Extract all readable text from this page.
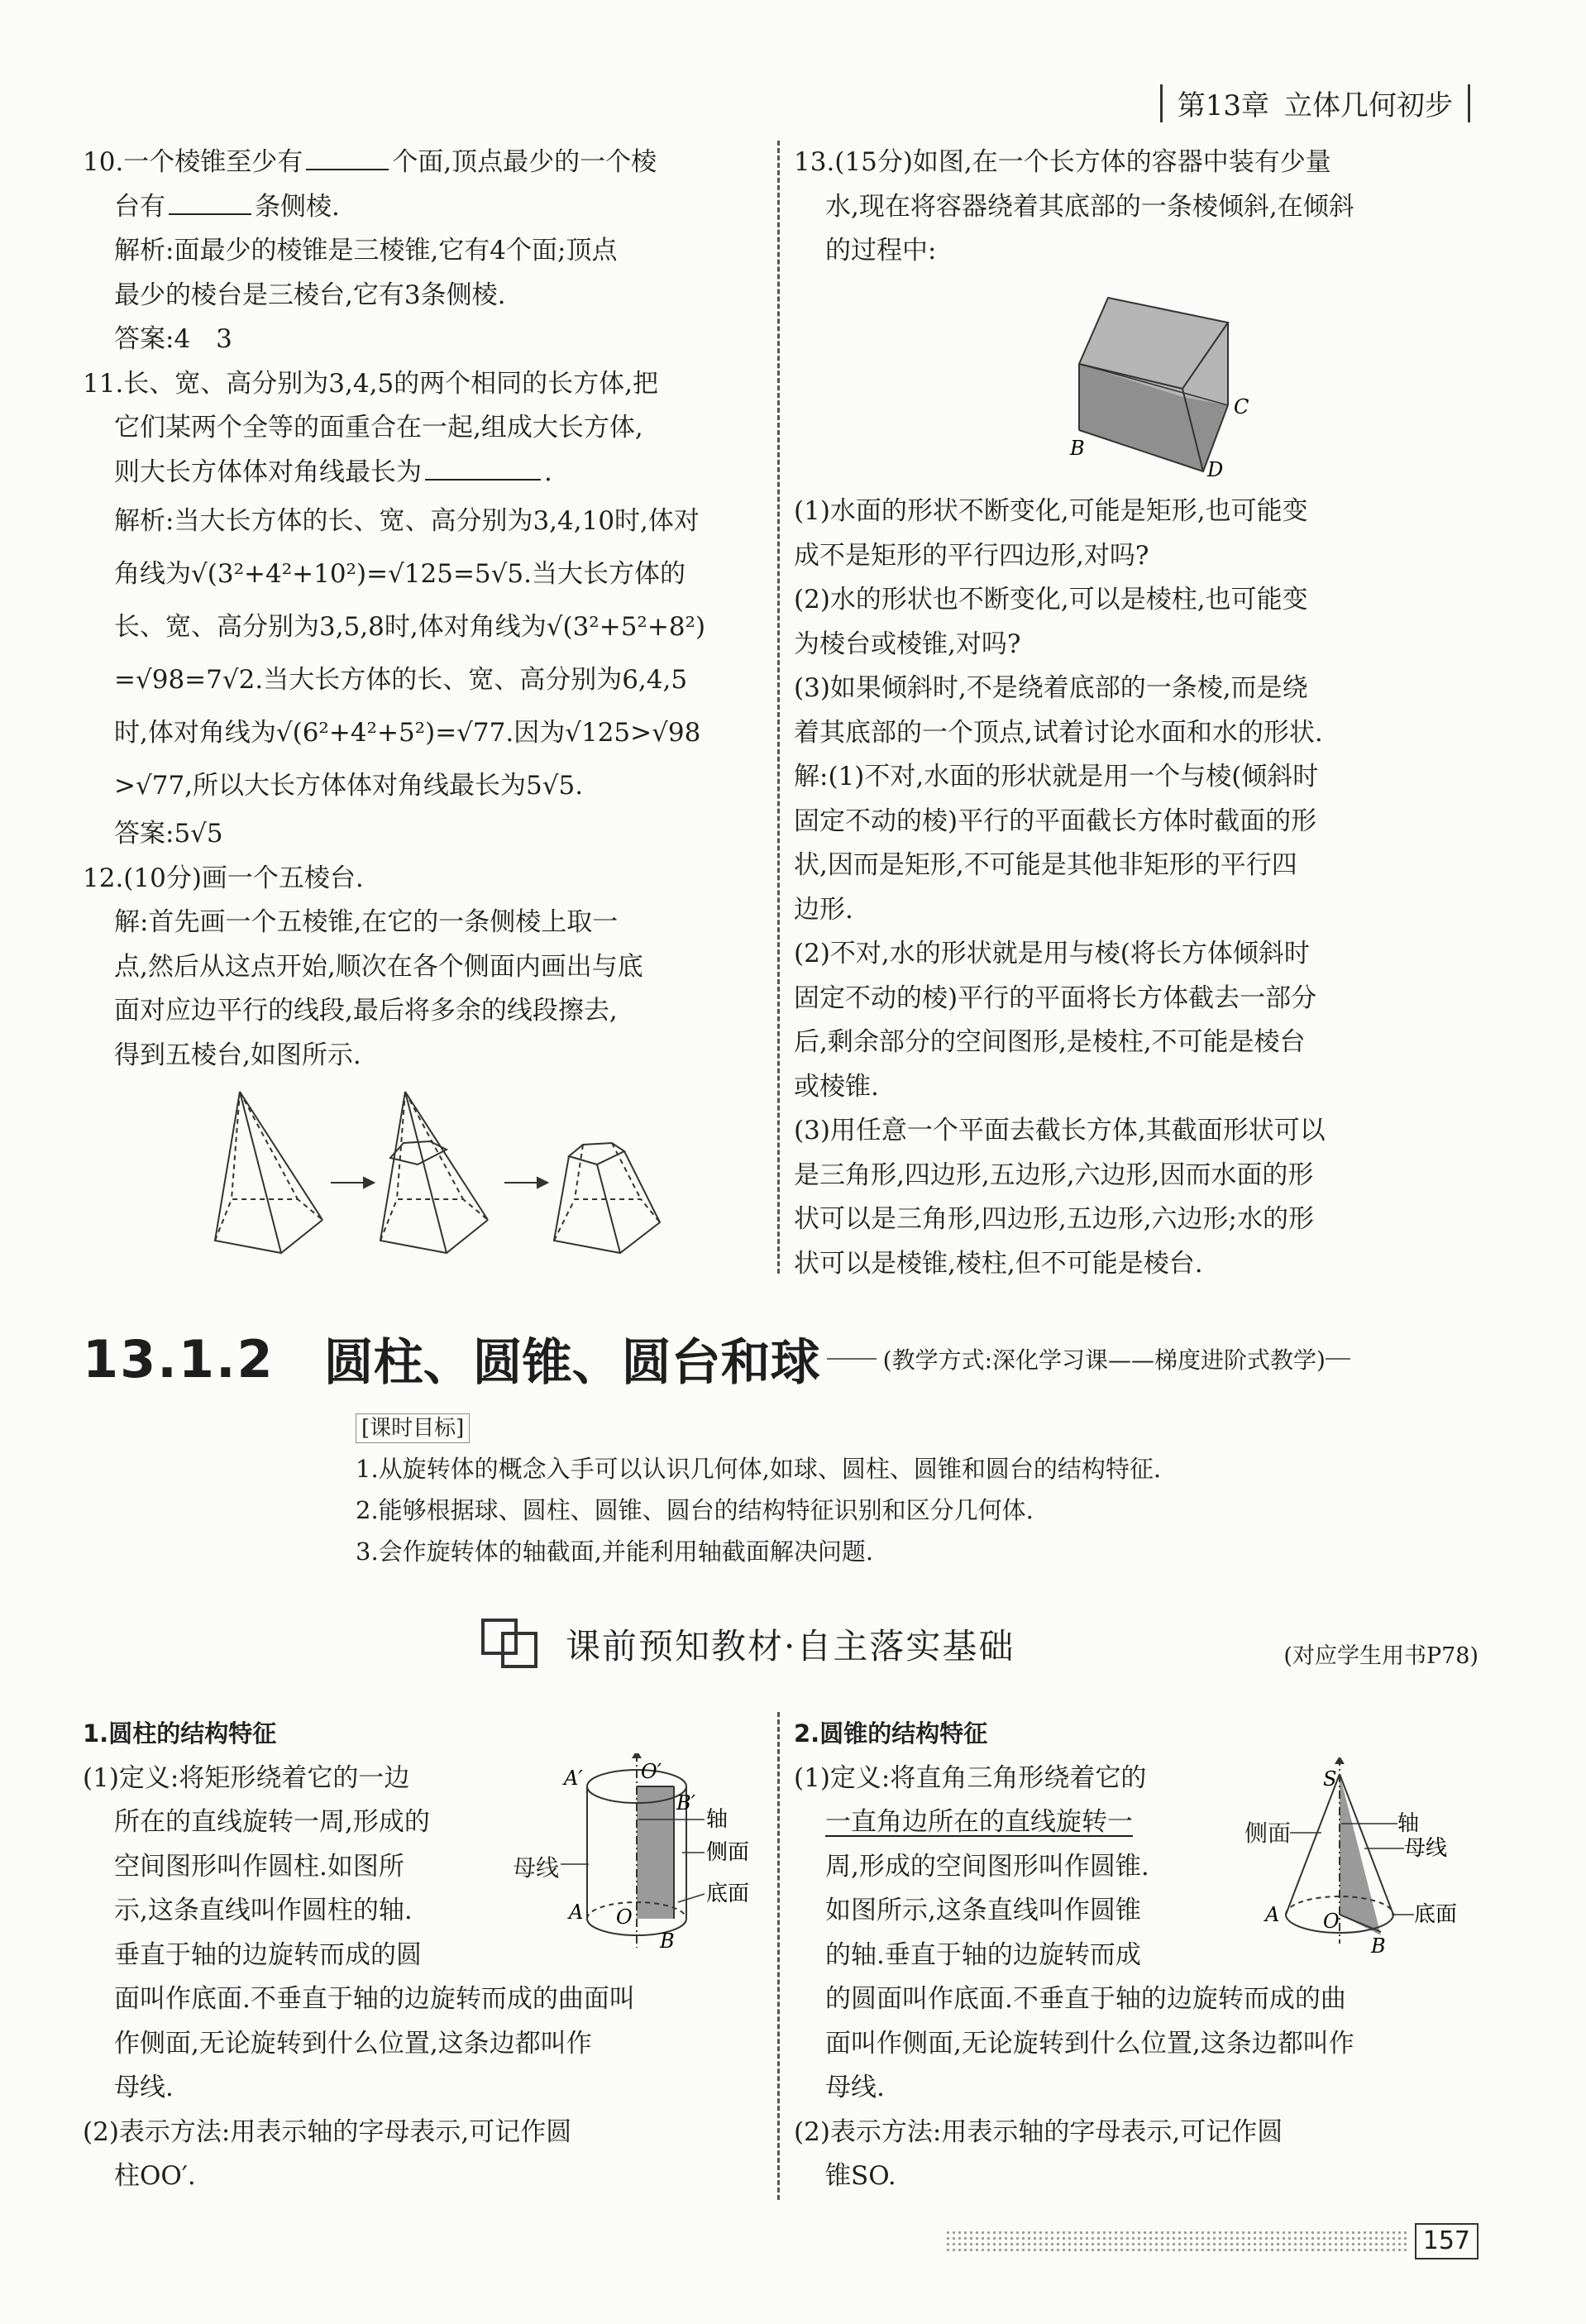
第13章 立体几何初步

10.一个棱锥至少有	个面,顶点最少的一个棱

台有	条侧棱.

解析:面最少的棱锥是三棱锥,它有4个面;顶点

最少的棱台是三棱台,它有3条侧棱.

答案:4　3

11.长、宽、高分别为3,4,5的两个相同的长方体,把

它们某两个全等的面重合在一起,组成大长方体,

则大长方体体对角线最长为	.

解析:当大长方体的长、宽、高分别为3,4,10时,体对

角线为√(3²+4²+10²)=√125=5√5.当大长方体的

长、宽、高分别为3,5,8时,体对角线为√(3²+5²+8²)

=√98=7√2.当大长方体的长、宽、高分别为6,4,5

时,体对角线为√(6²+4²+5²)=√77.因为√125>√98

>√77,所以大长方体体对角线最长为5√5.

答案:5√5

12.(10分)画一个五棱台.

解:首先画一个五棱锥,在它的一条侧棱上取一

点,然后从这点开始,顺次在各个侧面内画出与底

面对应边平行的线段,最后将多余的线段擦去,

得到五棱台,如图所示.

13.(15分)如图,在一个长方体的容器中装有少量

水,现在将容器绕着其底部的一条棱倾斜,在倾斜

的过程中:

B
C
D

(1)水面的形状不断变化,可能是矩形,也可能变

成不是矩形的平行四边形,对吗?

(2)水的形状也不断变化,可以是棱柱,也可能变

为棱台或棱锥,对吗?

(3)如果倾斜时,不是绕着底部的一条棱,而是绕

着其底部的一个顶点,试着讨论水面和水的形状.

解:(1)不对,水面的形状就是用一个与棱(倾斜时

固定不动的棱)平行的平面截长方体时截面的形

状,因而是矩形,不可能是其他非矩形的平行四

边形.

(2)不对,水的形状就是用与棱(将长方体倾斜时

固定不动的棱)平行的平面将长方体截去一部分

后,剩余部分的空间图形,是棱柱,不可能是棱台

或棱锥.

(3)用任意一个平面去截长方体,其截面形状可以

是三角形,四边形,五边形,六边形,因而水面的形

状可以是三角形,四边形,五边形,六边形;水的形

状可以是棱锥,棱柱,但不可能是棱台.

13.1.2 圆柱、圆锥、圆台和球	(教学方式:深化学习课——梯度进阶式教学)
[课时目标]
1.从旋转体的概念入手可以认识几何体,如球、圆柱、圆锥和圆台的结构特征.
2.能够根据球、圆柱、圆锥、圆台的结构特征识别和区分几何体.
3.会作旋转体的轴截面,并能利用轴截面解决问题.
课前预知教材·自主落实基础	(对应学生用书P78)

1.圆柱的结构特征

(1)定义:将矩形绕着它的一边

所在的直线旋转一周,形成的

空间图形叫作圆柱.如图所

示,这条直线叫作圆柱的轴.

垂直于轴的边旋转而成的圆

面叫作底面.不垂直于轴的边旋转而成的曲面叫

作侧面,无论旋转到什么位置,这条边都叫作

母线.

(2)表示方法:用表示轴的字母表示,可记作圆

柱OO′.

A′	O′
B′
A O
B
轴
侧面
底面
母线

2.圆锥的结构特征

(1)定义:将直角三角形绕着它的

一直角边所在的直线旋转一

周,形成的空间图形叫作圆锥.

如图所示,这条直线叫作圆锥

的轴.垂直于轴的边旋转而成

的圆面叫作底面.不垂直于轴的边旋转而成的曲

面叫作侧面,无论旋转到什么位置,这条边都叫作

母线.

(2)表示方法:用表示轴的字母表示,可记作圆

锥SO.

S
A O
B
轴
母线
底面
侧面
157
